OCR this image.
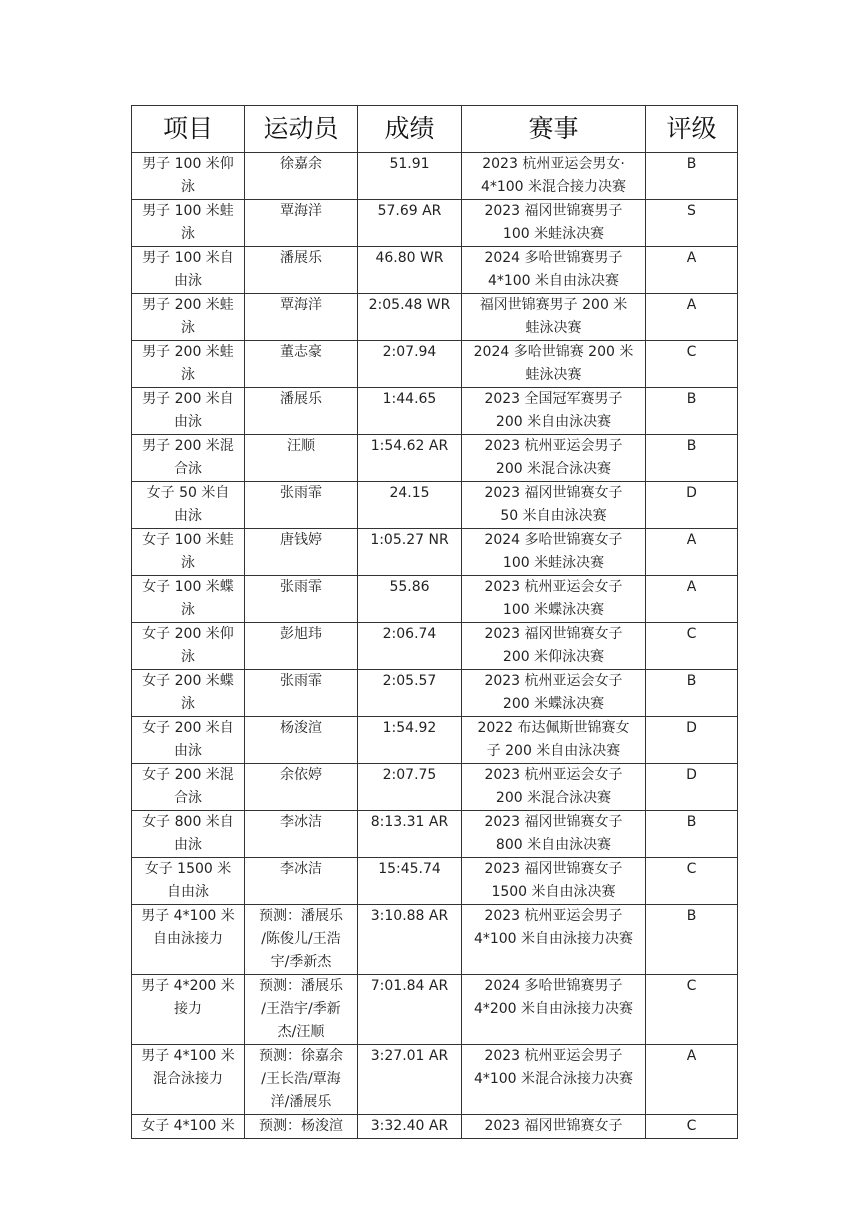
项目	运动员	成绩	赛事	评级

男子 100 米仰
泳	徐嘉余	51.91	2023 杭州亚运会男女·
4*100 米混合接力决赛	B

男子 100 米蛙
泳	覃海洋	57.69 AR	2023 福冈世锦赛男子
100 米蛙泳决赛	S

男子 100 米自
由泳	潘展乐	46.80 WR	2024 多哈世锦赛男子
4*100 米自由泳决赛	A

男子 200 米蛙
泳	覃海洋	2:05.48 WR	福冈世锦赛男子 200 米
蛙泳决赛	A

男子 200 米蛙
泳	董志豪	2:07.94	2024 多哈世锦赛 200 米
蛙泳决赛	C

男子 200 米自
由泳	潘展乐	1:44.65	2023 全国冠军赛男子
200 米自由泳决赛	B

男子 200 米混
合泳	汪顺	1:54.62 AR	2023 杭州亚运会男子
200 米混合泳决赛	B

女子 50 米自
由泳	张雨霏	24.15	2023 福冈世锦赛女子
50 米自由泳决赛	D

女子 100 米蛙
泳	唐钱婷	1:05.27 NR	2024 多哈世锦赛女子
100 米蛙泳决赛	A

女子 100 米蝶
泳	张雨霏	55.86	2023 杭州亚运会女子
100 米蝶泳决赛	A

女子 200 米仰
泳	彭旭玮	2:06.74	2023 福冈世锦赛女子
200 米仰泳决赛	C

女子 200 米蝶
泳	张雨霏	2:05.57	2023 杭州亚运会女子
200 米蝶泳决赛	B

女子 200 米自
由泳	杨浚渲	1:54.92	2022 布达佩斯世锦赛女
子 200 米自由泳决赛	D

女子 200 米混
合泳	余依婷	2:07.75	2023 杭州亚运会女子
200 米混合泳决赛	D

女子 800 米自
由泳	李冰洁	8:13.31 AR	2023 福冈世锦赛女子
800 米自由泳决赛	B

女子 1500 米
自由泳	李冰洁	15:45.74	2023 福冈世锦赛女子
1500 米自由泳决赛	C

男子 4*100 米
自由泳接力	预测：潘展乐
/陈俊儿/王浩
宇/季新杰	3:10.88 AR	2023 杭州亚运会男子
4*100 米自由泳接力决赛	B

男子 4*200 米
接力	预测：潘展乐
/王浩宇/季新
杰/汪顺	7:01.84 AR	2024 多哈世锦赛男子
4*200 米自由泳接力决赛	C

男子 4*100 米
混合泳接力	预测：徐嘉余
/王长浩/覃海
洋/潘展乐	3:27.01 AR	2023 杭州亚运会男子
4*100 米混合泳接力决赛	A

女子 4*100 米	预测：杨浚渲	3:32.40 AR	2023 福冈世锦赛女子	C
